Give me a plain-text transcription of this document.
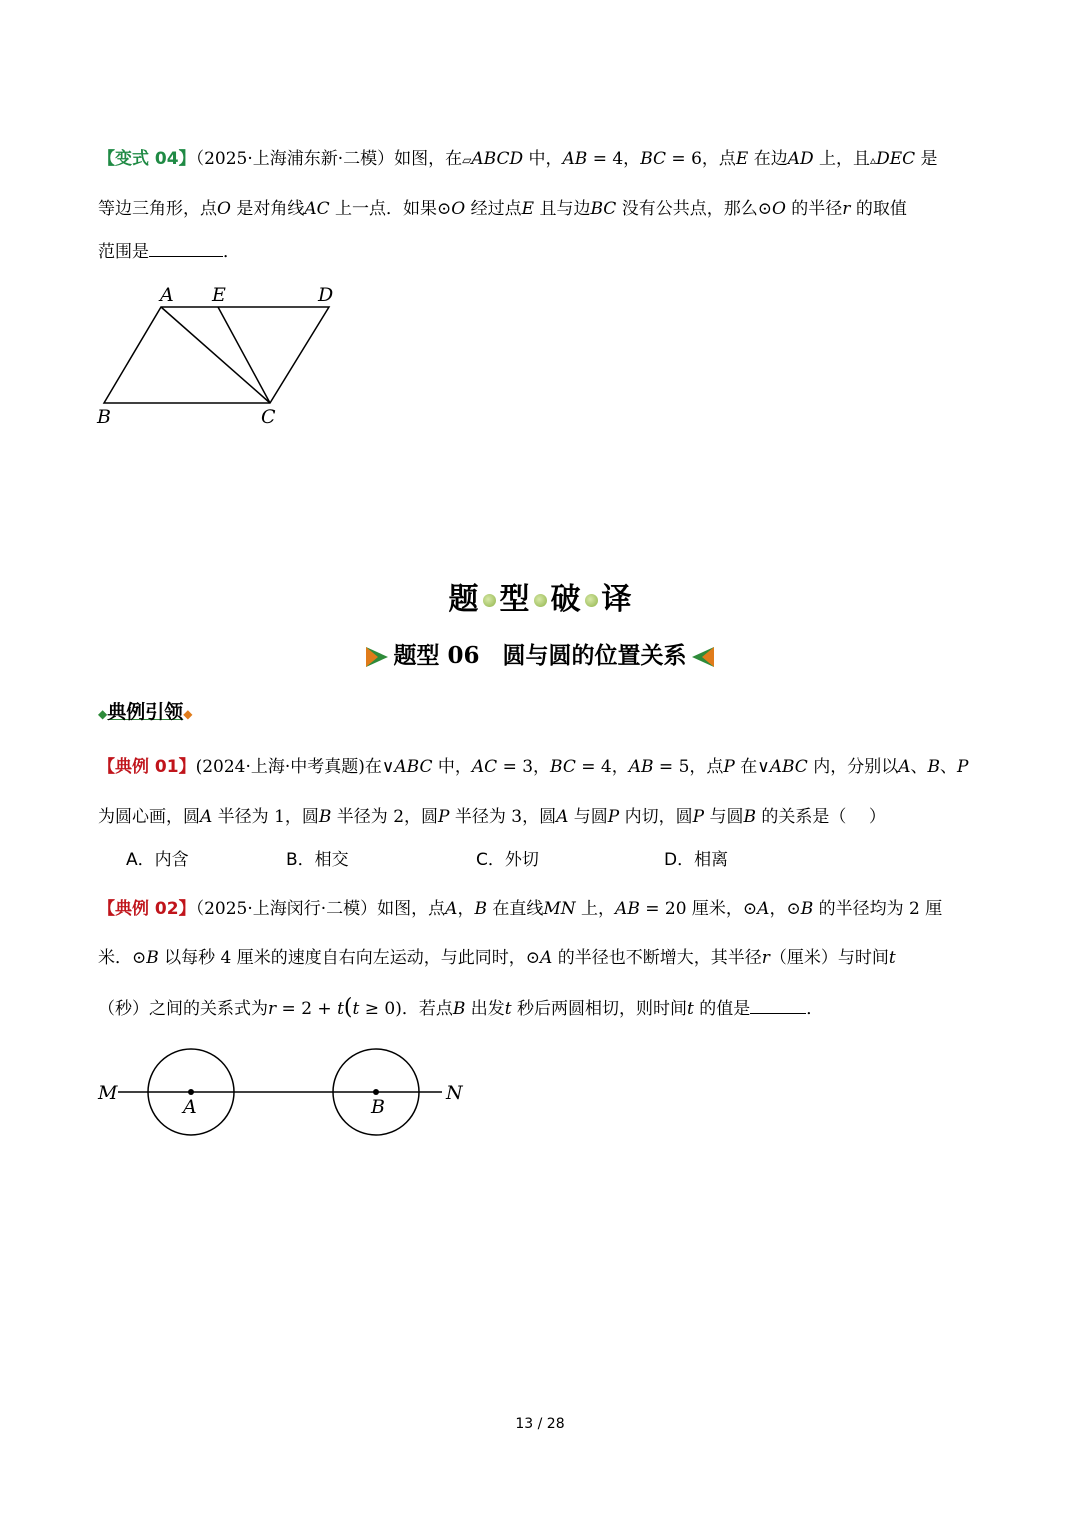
【变式 04】（2025·上海浦东新·二模）如图，在▱ABCD 中，AB = 4，BC = 6，点E 在边AD 上，且▵DEC 是
等边三角形，点O 是对角线AC 上一点．如果⊙O 经过点E 且与边BC 没有公共点，那么⊙O 的半径r 的取值
范围是	．
A E	D
B	C
题 型 破 译
题型 06　圆与圆的位置关系
◆典例引领◆
【典例 01】(2024·上海·中考真题)在∨ABC 中，AC = 3，BC = 4，AB = 5，点P 在∨ABC 内，分别以A、B、P
为圆心画，圆A 半径为 1，圆B 半径为 2，圆P 半径为 3，圆A 与圆P 内切，圆P 与圆B 的关系是（　 ）
A．内含	B．相交	C．外切	D．相离
【典例 02】（2025·上海闵行·二模）如图，点A，B 在直线MN 上，AB = 20 厘米，⊙A，⊙B 的半径均为 2 厘
米．⊙B 以每秒 4 厘米的速度自右向左运动，与此同时，⊙A 的半径也不断增大，其半径r（厘米）与时间t
（秒）之间的关系式为r = 2 + t(t ≥ 0)．若点B 出发t 秒后两圆相切，则时间t 的值是	．
M	N
A	B
13 / 28
